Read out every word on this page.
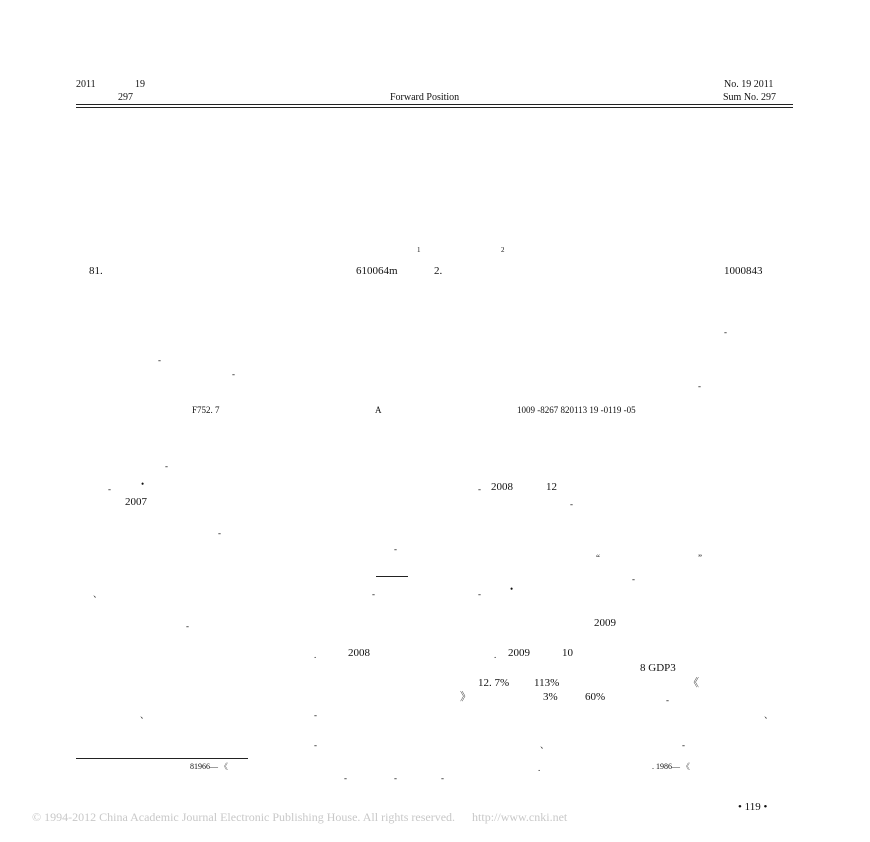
2011	19
297	Forward Position
No. 19 2011
Sum No. 297
1	2
81.	610064m	2.	1000843
-
-
-
-
F752. 7	A	1009 -8267 820113 19 -0119 -05
-
-	•	- 2008	12
2007	-
-
-
“	”
-
、	-	-	•
-	2009
.	2008	. 2009	10
8 GDP3
12. 7% 113%	《
》	3% 60%	-
、	-	、
-	、	-
81966— 《	.	. 1986— 《
-	-	-
• 119 •
© 1994-2012 China Academic Journal Electronic Publishing House. All rights reserved. http://www.cnki.net
